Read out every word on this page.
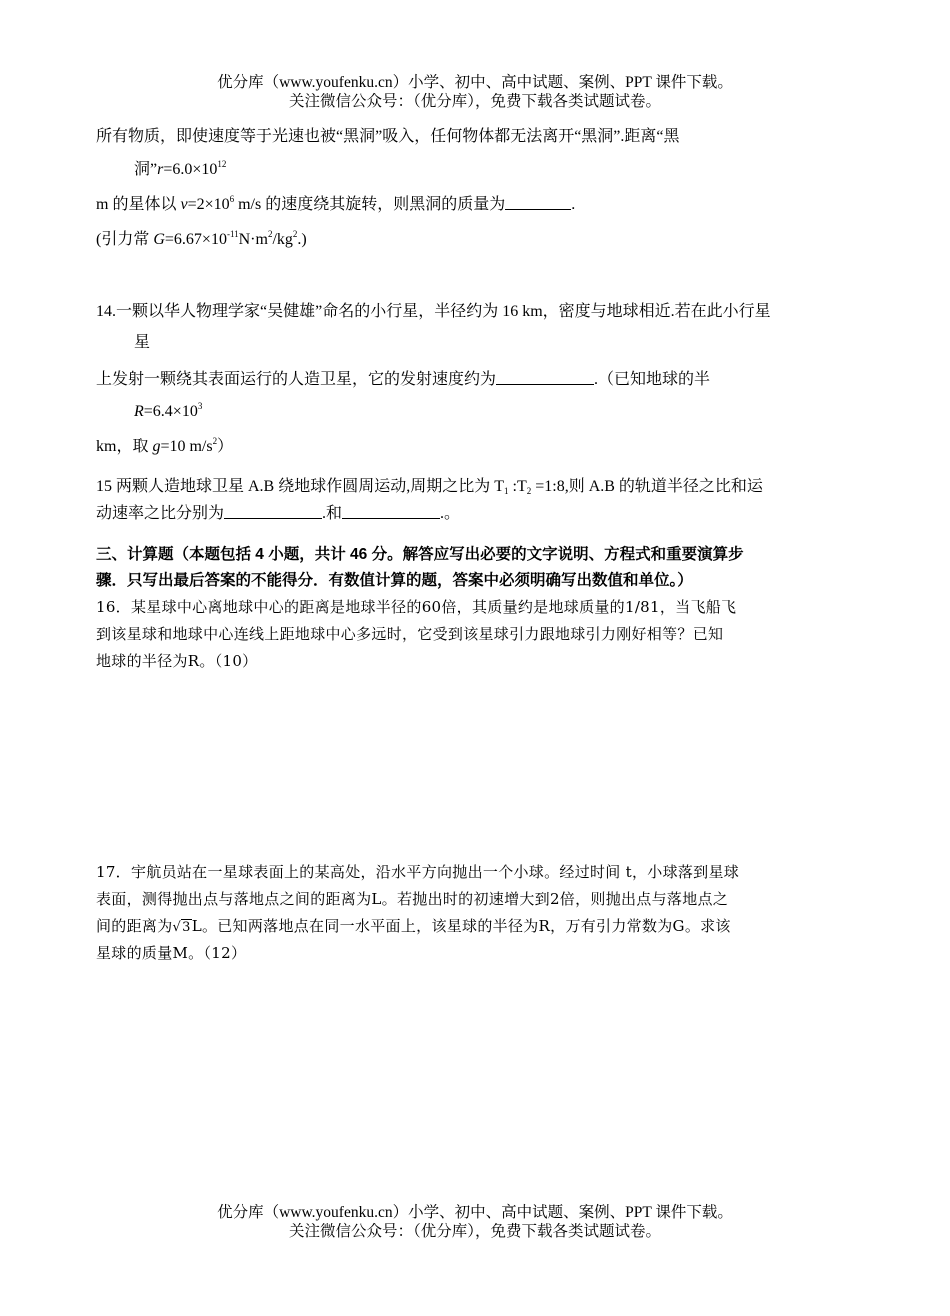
优分库（www.youfenku.cn）小学、初中、高中试题、案例、PPT 课件下载。
关注微信公众号：（优分库），免费下载各类试题试卷。
所有物质，即使速度等于光速也被“黑洞”吸入，任何物体都无法离开“黑洞”.距离“黑
洞$”r=6.0\times 10^{12}$
m 的星体以 $v=2\times 10^6$ m/s 的速度绕其旋转，则黑洞的质量为	.
(引力常 $G=6.67\times 10^{-11}N\cdot m^2/kg^2$.)
14.一颗以华人物理学家“吴健雄”命名的小行星，半径约为 16 km，密度与地球相近.若在此小行星
星
上发射一颗绕其表面运行的人造卫星，它的发射速度约为	.（已知地球的半
$R=6.4\times 10^3$
km，取 g=10 $m/s^2$）
15 两颗人造地球卫星 A.B 绕地球作圆周运动,周期之比为 $T_1$ $:T_2$ =1:8,则 A.B 的轨道半径之比和运
动速率之比分别为	.和	.。
三、计算题（本题包括 4 小题，共计 46 分。解答应写出必要的文字说明、方程式和重要演算步
骤．只写出最后答案的不能得分．有数值计算的题，答案中必须明确写出数值和单位。）
16．某星球中心离地球中心的距离是地球半径的60倍，其质量约是地球质量的1/81，当飞船飞
到该星球和地球中心连线上距地球中心多远时，它受到该星球引力跟地球引力刚好相等？已知
地球的半径为R。（10）
17．宇航员站在一星球表面上的某高处，沿水平方向抛出一个小球。经过时间 t，小球落到星球
表面，测得抛出点与落地点之间的距离为L。若抛出时的初速增大到2倍，则抛出点与落地点之
间的距离为√3L。已知两落地点在同一水平面上，该星球的半径为R，万有引力常数为G。求该
星球的质量M。（12）
优分库（www.youfenku.cn）小学、初中、高中试题、案例、PPT 课件下载。
关注微信公众号：（优分库），免费下载各类试题试卷。
